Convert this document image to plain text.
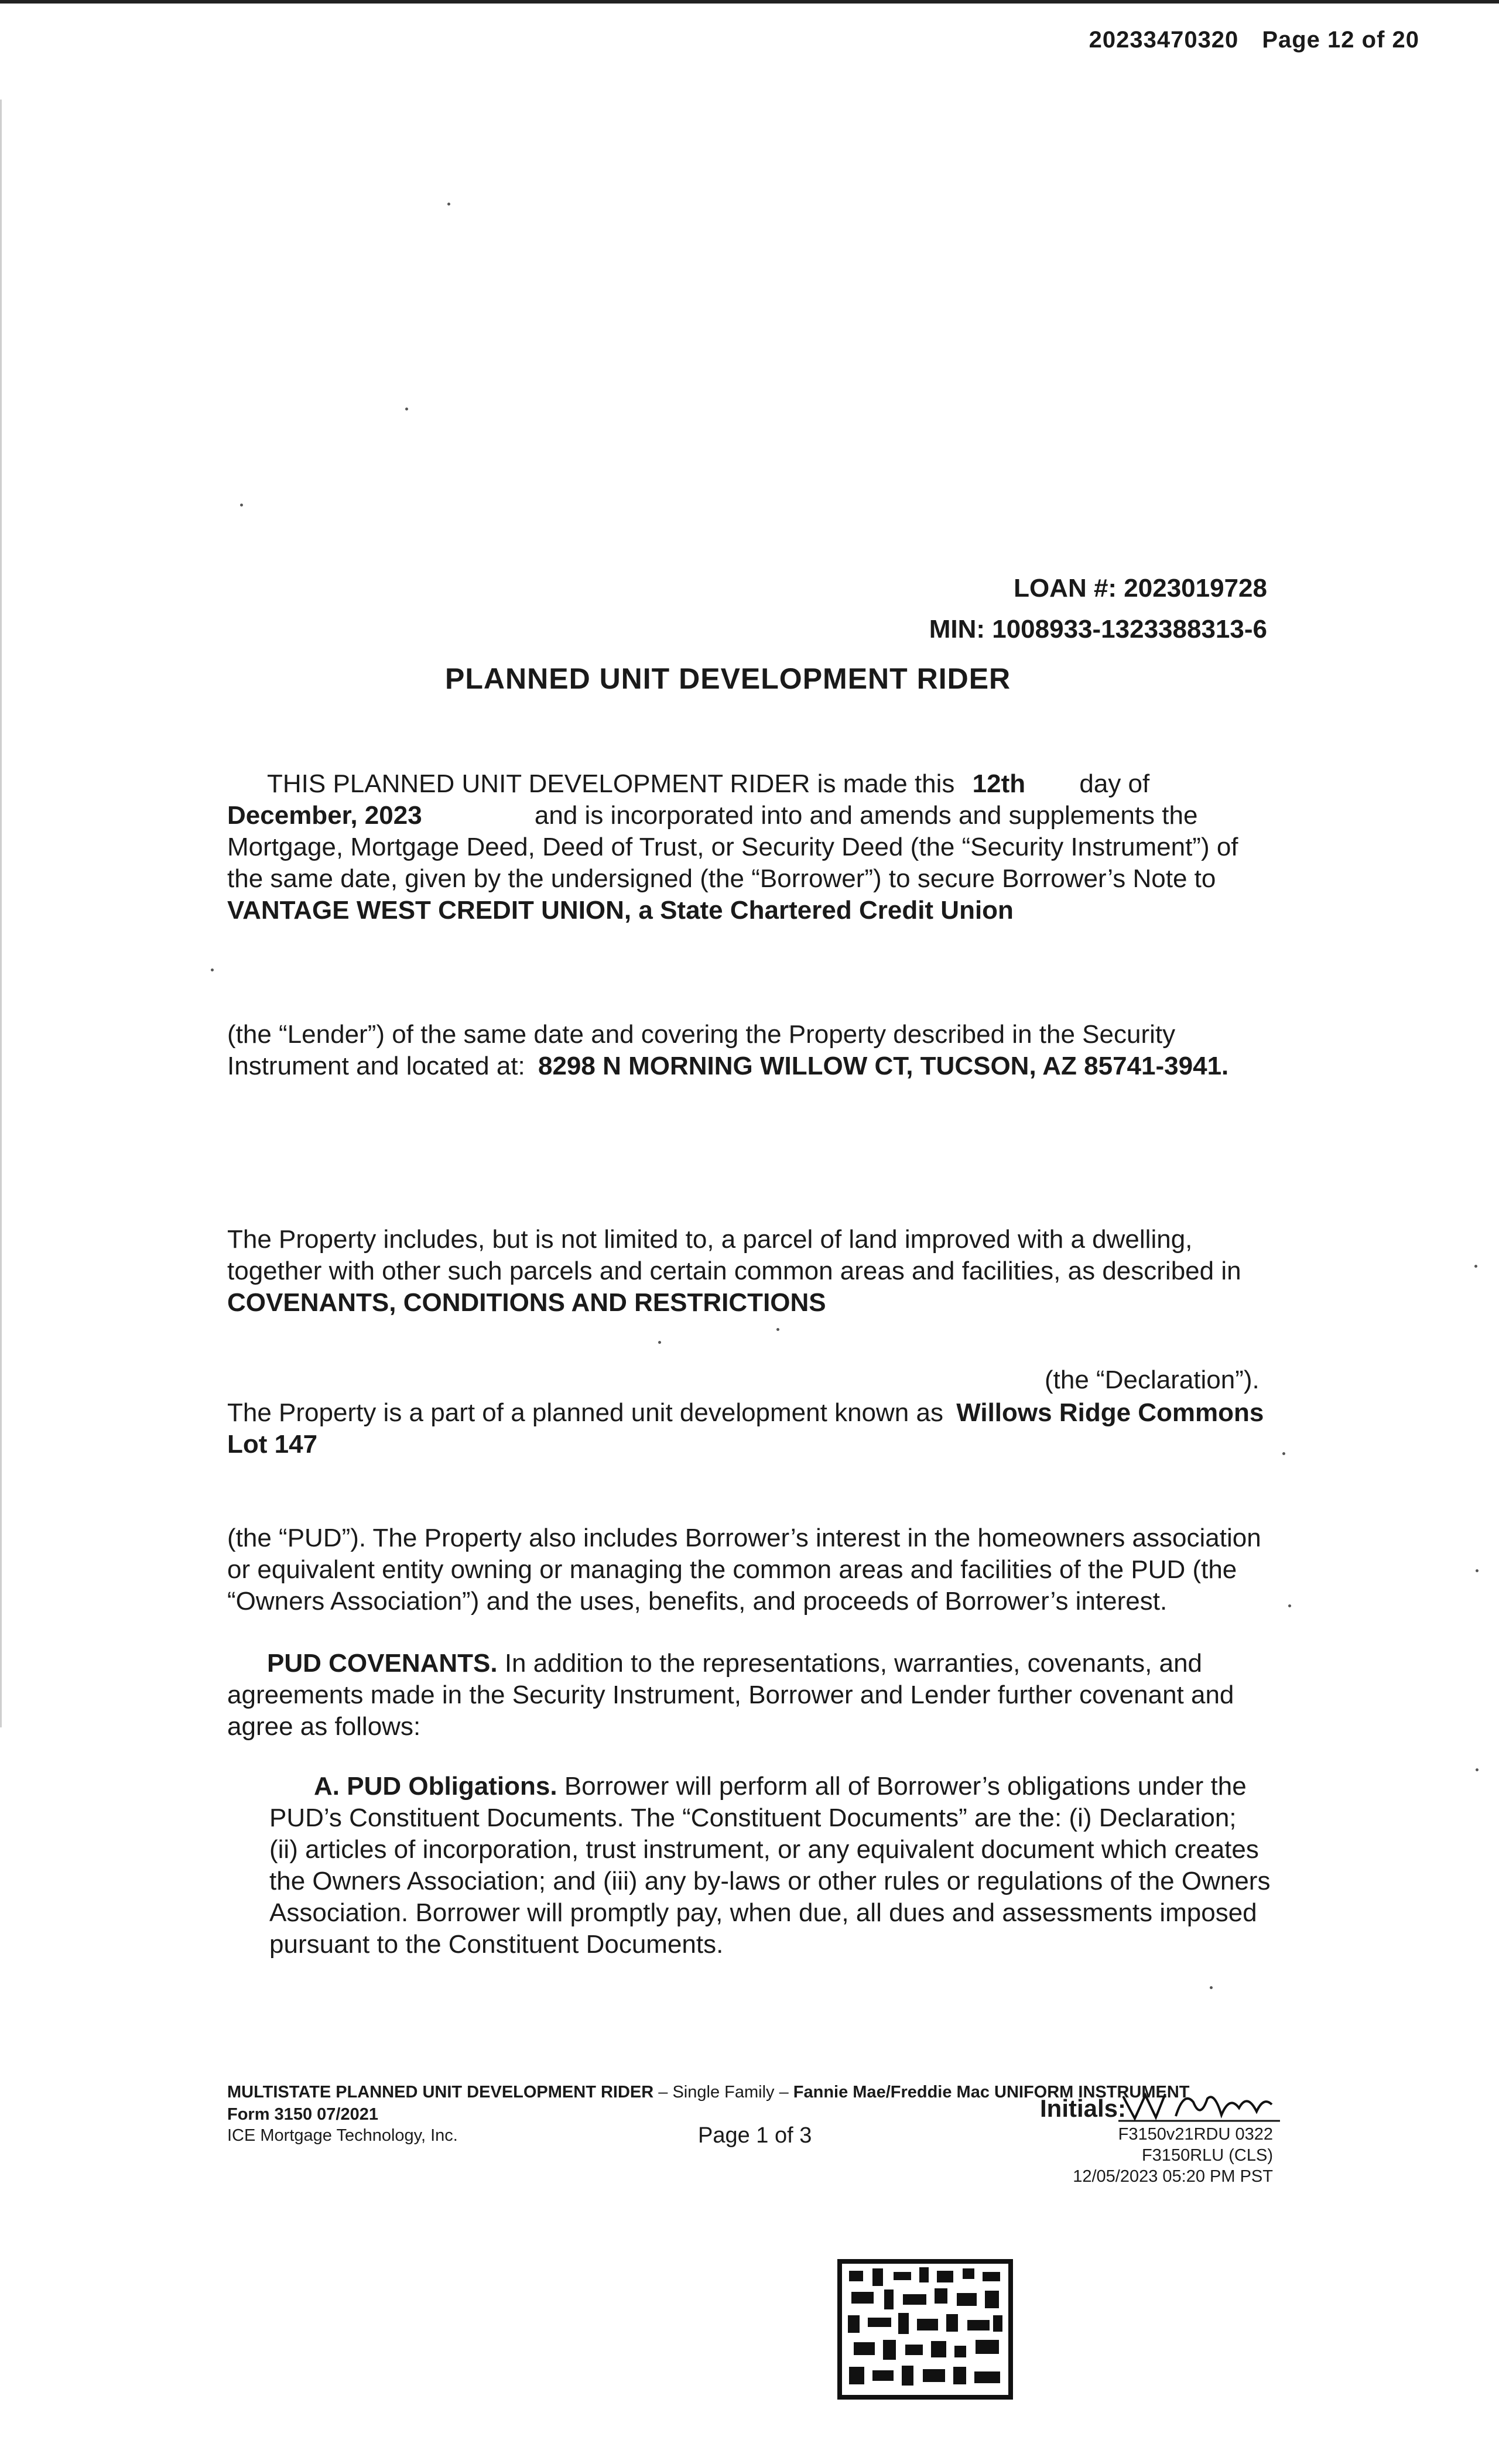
20233470320 Page 12 of 20
LOAN #: 2023019728
MIN: 1008933-1323388313-6
PLANNED UNIT DEVELOPMENT RIDER
THIS PLANNED UNIT DEVELOPMENT RIDER is made this 12th day of
December, 2023	and is incorporated into and amends and supplements the Mortgage, Mortgage Deed, Deed of Trust, or Security Deed (the “Security Instrument”) of the same date, given by the undersigned (the “Borrower”) to secure Borrower’s Note to
VANTAGE WEST CREDIT UNION, a State Chartered Credit Union
(the “Lender”) of the same date and covering the Property described in the Security Instrument and located at: 8298 N MORNING WILLOW CT, TUCSON, AZ 85741-3941.
The Property includes, but is not limited to, a parcel of land improved with a dwelling, together with other such parcels and certain common areas and facilities, as described in
COVENANTS, CONDITIONS AND RESTRICTIONS
(the “Declaration”).
The Property is a part of a planned unit development known as Willows Ridge Commons Lot 147
(the “PUD”). The Property also includes Borrower’s interest in the homeowners association or equivalent entity owning or managing the common areas and facilities of the PUD (the “Owners Association”) and the uses, benefits, and proceeds of Borrower’s interest.
PUD COVENANTS. In addition to the representations, warranties, covenants, and agreements made in the Security Instrument, Borrower and Lender further covenant and agree as follows:
A. PUD Obligations. Borrower will perform all of Borrower’s obligations under the PUD’s Constituent Documents. The “Constituent Documents” are the: (i) Declaration; (ii) articles of incorporation, trust instrument, or any equivalent document which creates the Owners Association; and (iii) any by-laws or other rules or regulations of the Owners Association. Borrower will promptly pay, when due, all dues and assessments imposed pursuant to the Constituent Documents.
MULTISTATE PLANNED UNIT DEVELOPMENT RIDER – Single Family – Fannie Mae/Freddie Mac UNIFORM INSTRUMENT
Form 3150 07/2021
ICE Mortgage Technology, Inc.	Page 1 of 3
Initials:
F3150v21RDU 0322
F3150RLU (CLS)
12/05/2023 05:20 PM PST
